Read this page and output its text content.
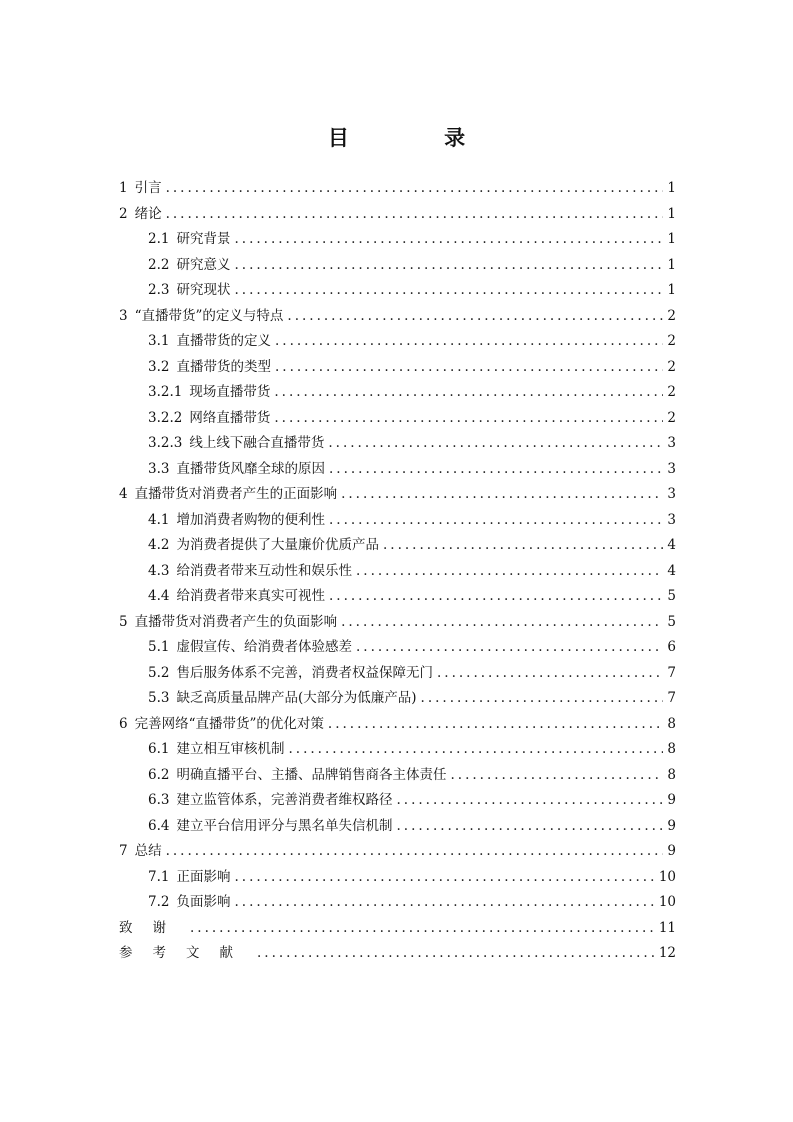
目 录
1 引言 .....	1
2 绪论 .....	1
2.1 研究背景 .....	1
2.2 研究意义 .....	1
2.3 研究现状 .....	1
3 “直播带货”的定义与特点 .....	2
3.1 直播带货的定义 .....	2
3.2 直播带货的类型 .....	2
3.2.1 现场直播带货 .....	2
3.2.2 网络直播带货 .....	2
3.2.3 线上线下融合直播带货 .....	3
3.3 直播带货风靡全球的原因 .....	3
4 直播带货对消费者产生的正面影响 .....	3
4.1 增加消费者购物的便利性 .....	3
4.2 为消费者提供了大量廉价优质产品 .....	4
4.3 给消费者带来互动性和娱乐性 .....	4
4.4 给消费者带来真实可视性 .....	5
5 直播带货对消费者产生的负面影响 .....	5
5.1 虚假宣传、给消费者体验感差 .....	6
5.2 售后服务体系不完善，消费者权益保障无门 .....	7
5.3 缺乏高质量品牌产品(大部分为低廉产品) .....	7
6 完善网络“直播带货”的优化对策 .....	8
6.1 建立相互审核机制 .....	8
6.2 明确直播平台、主播、品牌销售商各主体责任 .....	8
6.3 建立监管体系，完善消费者维权路径 .....	9
6.4 建立平台信用评分与黑名单失信机制 .....	9
7 总结 .....	9
7.1 正面影响 .....	10
7.2 负面影响 .....	10
致谢 .....	11
参考文献 .....	12
